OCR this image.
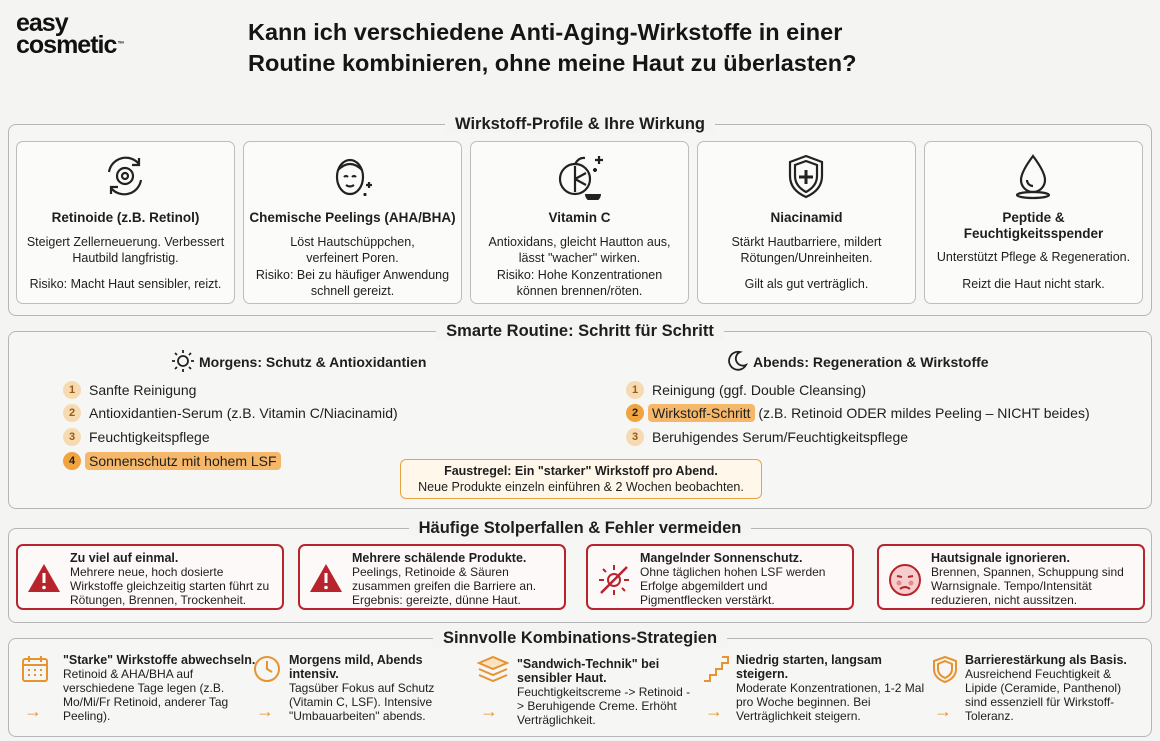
easy
cosmetic™	Kann ich verschiedene Anti-Aging-Wirkstoffe in einer
Routine kombinieren, ohne meine Haut zu überlasten?
Wirkstoff-Profile & Ihre Wirkung
Retinoide (z.B. Retinol)
Steigert Zellerneuerung. Verbessert Hautbild langfristig.
Risiko: Macht Haut sensibler, reizt.
Chemische Peelings (AHA/BHA)
Löst Hautschüppchen, verfeinert Poren.
Risiko: Bei zu häufiger Anwendung schnell gereizt.
Vitamin C
Antioxidans, gleicht Hautton aus, lässt "wacher" wirken.
Risiko: Hohe Konzentrationen können brennen/röten.
Niacinamid
Stärkt Hautbarriere, mildert Rötungen/Unreinheiten.
Gilt als gut verträglich.
Peptide & Feuchtigkeitsspender
Unterstützt Pflege & Regeneration.
Reizt die Haut nicht stark.
Smarte Routine: Schritt für Schritt
Morgens: Schutz & Antioxidantien
1 Sanfte Reinigung
2 Antioxidantien-Serum (z.B. Vitamin C/Niacinamid)
3 Feuchtigkeitspflege
4 Sonnenschutz mit hohem LSF
Abends: Regeneration & Wirkstoffe
1 Reinigung (ggf. Double Cleansing)
2 Wirkstoff-Schritt (z.B. Retinoid ODER mildes Peeling – NICHT beides)
3 Beruhigendes Serum/Feuchtigkeitspflege
Faustregel: Ein "starker" Wirkstoff pro Abend.
Neue Produkte einzeln einführen & 2 Wochen beobachten.
Häufige Stolperfallen & Fehler vermeiden
Zu viel auf einmal.
Mehrere neue, hoch dosierte Wirkstoffe gleichzeitig starten führt zu Rötungen, Brennen, Trockenheit.
Mehrere schälende Produkte.
Peelings, Retinoide & Säuren zusammen greifen die Barriere an. Ergebnis: gereizte, dünne Haut.
Mangelnder Sonnenschutz.
Ohne täglichen hohen LSF werden Erfolge abgemildert und Pigmentflecken verstärkt.
Hautsignale ignorieren.
Brennen, Spannen, Schuppung sind Warnsignale. Tempo/Intensität reduzieren, nicht aussitzen.
Sinnvolle Kombinations-Strategien
→
"Starke" Wirkstoffe abwechseln.
Retinoid & AHA/BHA auf verschiedene Tage legen (z.B. Mo/Mi/Fr Retinoid, anderer Tag Peeling).	→
Morgens mild, Abends intensiv.
Tagsüber Fokus auf Schutz (Vitamin C, LSF). Intensive "Umbauarbeiten" abends.	→
"Sandwich-Technik" bei sensibler Haut.
Feuchtigkeitscreme -> Retinoid -> Beruhigende Creme. Erhöht Verträglichkeit.	→
Niedrig starten, langsam steigern.
Moderate Konzentrationen, 1-2 Mal pro Woche beginnen. Bei Verträglichkeit steigern.	→
Barrierestärkung als Basis.
Ausreichend Feuchtigkeit & Lipide (Ceramide, Panthenol) sind essenziell für Wirkstoff-Toleranz.
